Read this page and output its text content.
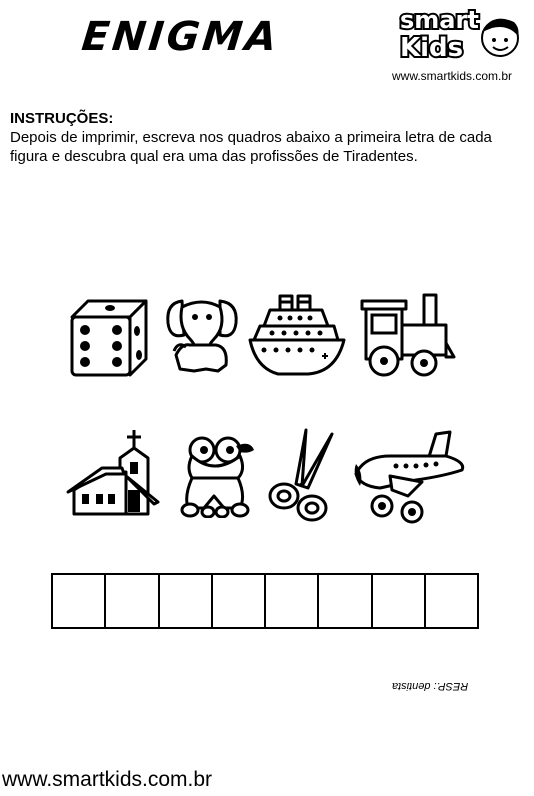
ENIGMA	smart
Kids
www.smartkids.com.br
INSTRUÇÕES:
Depois de imprimir, escreva nos quadros abaixo a primeira letra de cada figura e descubra qual era uma das profissões de Tiradentes.
RESP.: dentista
www.smartkids.com.br
